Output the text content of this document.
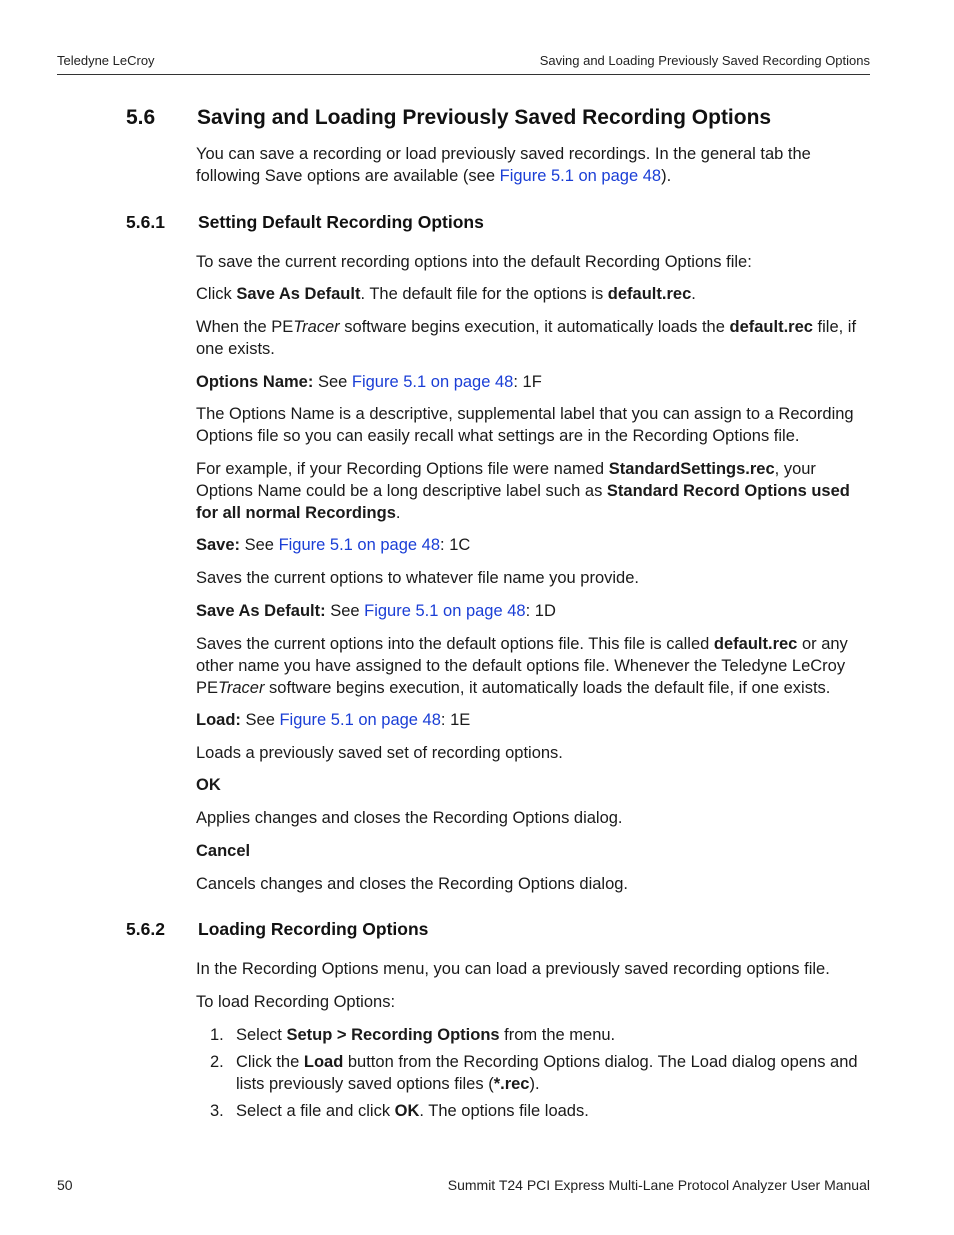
Teledyne LeCroy	Saving and Loading Previously Saved Recording Options
5.6 Saving and Loading Previously Saved Recording Options
You can save a recording or load previously saved recordings. In the general tab the following Save options are available (see Figure 5.1 on page 48).
5.6.1 Setting Default Recording Options
To save the current recording options into the default Recording Options file:
Click Save As Default. The default file for the options is default.rec.
When the PETracer software begins execution, it automatically loads the default.rec file, if one exists.
Options Name: See Figure 5.1 on page 48: 1F
The Options Name is a descriptive, supplemental label that you can assign to a Recording Options file so you can easily recall what settings are in the Recording Options file.
For example, if your Recording Options file were named StandardSettings.rec, your Options Name could be a long descriptive label such as Standard Record Options used for all normal Recordings.
Save: See Figure 5.1 on page 48: 1C
Saves the current options to whatever file name you provide.
Save As Default: See Figure 5.1 on page 48: 1D
Saves the current options into the default options file. This file is called default.rec or any other name you have assigned to the default options file. Whenever the Teledyne LeCroy PETracer software begins execution, it automatically loads the default file, if one exists.
Load: See Figure 5.1 on page 48: 1E
Loads a previously saved set of recording options.
OK
Applies changes and closes the Recording Options dialog.
Cancel
Cancels changes and closes the Recording Options dialog.
5.6.2 Loading Recording Options
In the Recording Options menu, you can load a previously saved recording options file.
To load Recording Options:
1. Select Setup > Recording Options from the menu.
2. Click the Load button from the Recording Options dialog. The Load dialog opens and lists previously saved options files (*.rec).
3. Select a file and click OK. The options file loads.
50	Summit T24 PCI Express Multi-Lane Protocol Analyzer User Manual
